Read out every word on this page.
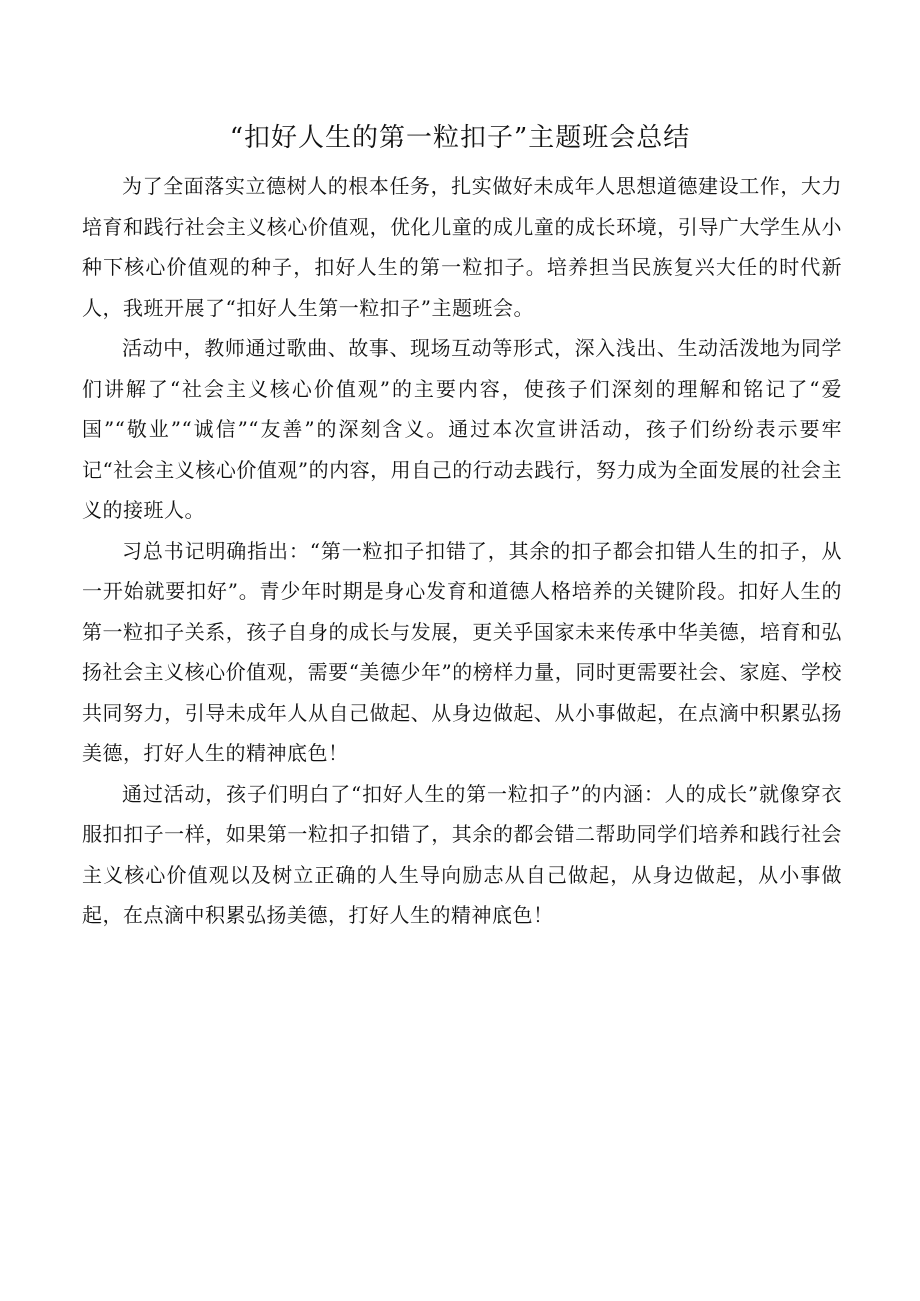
“扣好人生的第一粒扣子”主题班会总结

为了全面落实立德树人的根本任务，扎实做好未成年人思想道德建设工作，大力培育和践行社会主义核心价值观，优化儿童的成儿童的成长环境，引导广大学生从小种下核心价值观的种子，扣好人生的第一粒扣子。培养担当民族复兴大任的时代新人，我班开展了“扣好人生第一粒扣子”主题班会。

活动中，教师通过歌曲、故事、现场互动等形式，深入浅出、生动活泼地为同学们讲解了“社会主义核心价值观”的主要内容，使孩子们深刻的理解和铭记了“爱国”“敬业”“诚信”“友善”的深刻含义。通过本次宣讲活动，孩子们纷纷表示要牢记“社会主义核心价值观”的内容，用自己的行动去践行，努力成为全面发展的社会主义的接班人。

习总书记明确指出：“第一粒扣子扣错了，其余的扣子都会扣错人生的扣子，从一开始就要扣好”。青少年时期是身心发育和道德人格培养的关键阶段。扣好人生的第一粒扣子关系，孩子自身的成长与发展，更关乎国家未来传承中华美德，培育和弘扬社会主义核心价值观，需要“美德少年”的榜样力量，同时更需要社会、家庭、学校共同努力，引导未成年人从自己做起、从身边做起、从小事做起，在点滴中积累弘扬美德，打好人生的精神底色！

通过活动，孩子们明白了“扣好人生的第一粒扣子”的内涵：人的成长”就像穿衣服扣扣子一样，如果第一粒扣子扣错了，其余的都会错二帮助同学们培养和践行社会主义核心价值观以及树立正确的人生导向励志从自己做起，从身边做起，从小事做起，在点滴中积累弘扬美德，打好人生的精神底色！
